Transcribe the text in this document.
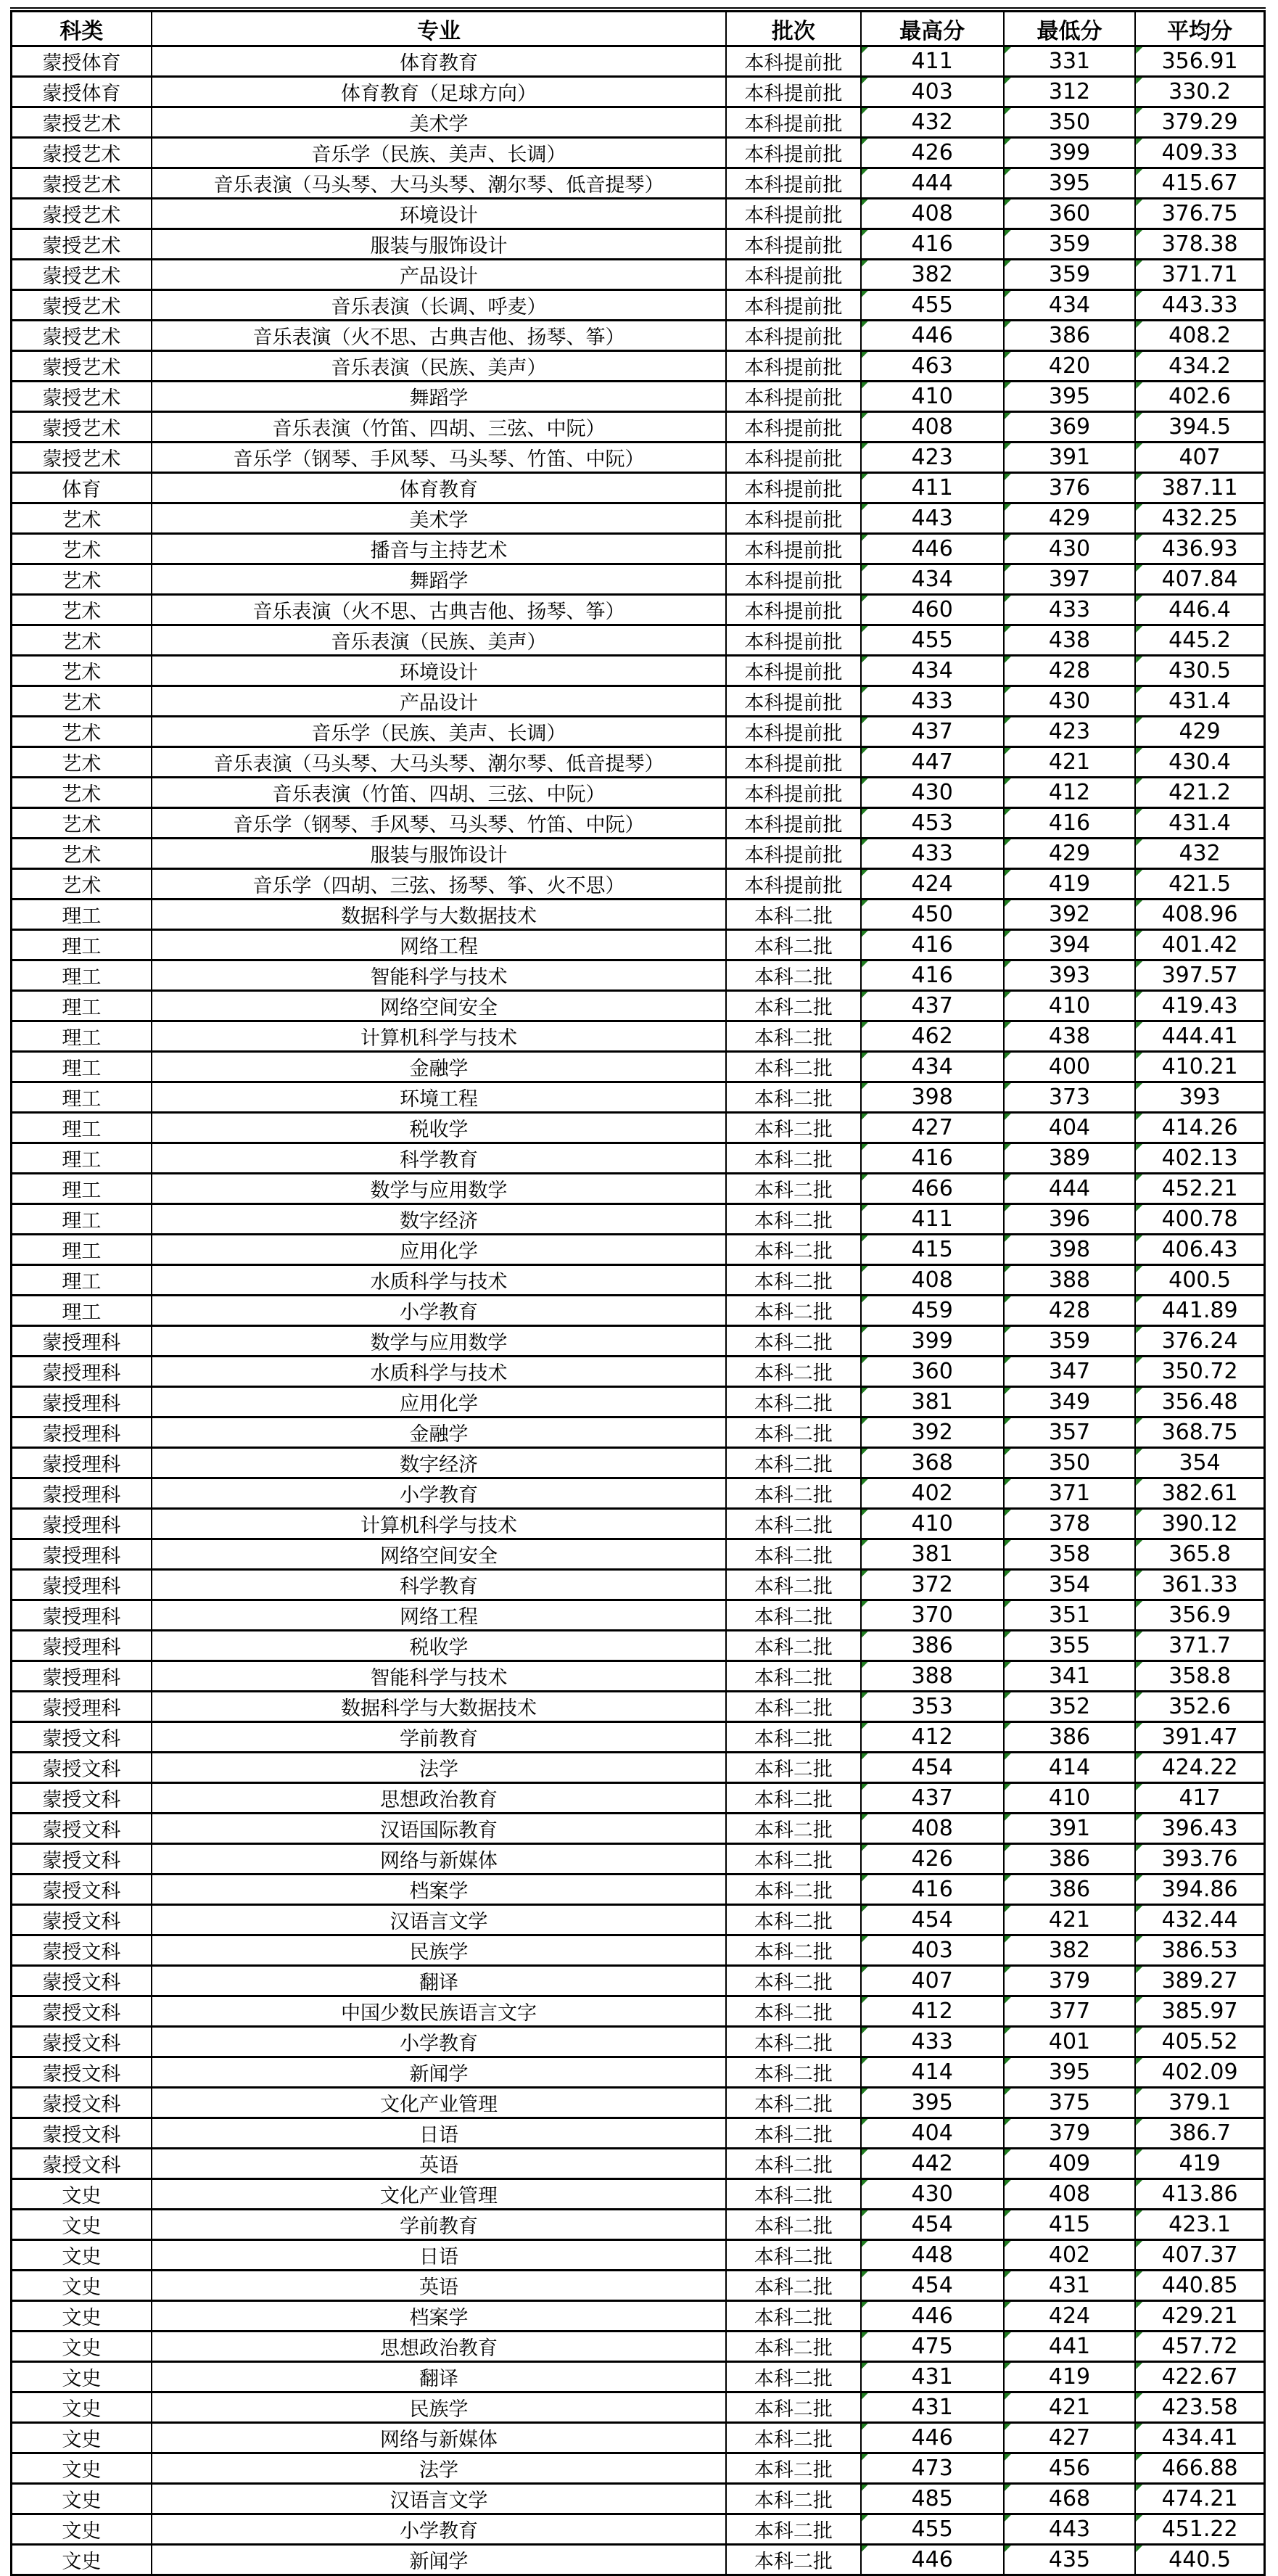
科类	专业	批次	最高分	最低分	平均分
蒙授体育	体育教育	本科提前批	411	331	356.91
蒙授体育	体育教育（足球方向）	本科提前批	403	312	330.2
蒙授艺术	美术学	本科提前批	432	350	379.29
蒙授艺术	音乐学（民族、美声、长调）	本科提前批	426	399	409.33
蒙授艺术	音乐表演（马头琴、大马头琴、潮尔琴、低音提琴）	本科提前批	444	395	415.67
蒙授艺术	环境设计	本科提前批	408	360	376.75
蒙授艺术	服装与服饰设计	本科提前批	416	359	378.38
蒙授艺术	产品设计	本科提前批	382	359	371.71
蒙授艺术	音乐表演（长调、呼麦）	本科提前批	455	434	443.33
蒙授艺术	音乐表演（火不思、古典吉他、扬琴、筝）	本科提前批	446	386	408.2
蒙授艺术	音乐表演（民族、美声）	本科提前批	463	420	434.2
蒙授艺术	舞蹈学	本科提前批	410	395	402.6
蒙授艺术	音乐表演（竹笛、四胡、三弦、中阮）	本科提前批	408	369	394.5
蒙授艺术	音乐学（钢琴、手风琴、马头琴、竹笛、中阮）	本科提前批	423	391	407
体育	体育教育	本科提前批	411	376	387.11
艺术	美术学	本科提前批	443	429	432.25
艺术	播音与主持艺术	本科提前批	446	430	436.93
艺术	舞蹈学	本科提前批	434	397	407.84
艺术	音乐表演（火不思、古典吉他、扬琴、筝）	本科提前批	460	433	446.4
艺术	音乐表演（民族、美声）	本科提前批	455	438	445.2
艺术	环境设计	本科提前批	434	428	430.5
艺术	产品设计	本科提前批	433	430	431.4
艺术	音乐学（民族、美声、长调）	本科提前批	437	423	429
艺术	音乐表演（马头琴、大马头琴、潮尔琴、低音提琴）	本科提前批	447	421	430.4
艺术	音乐表演（竹笛、四胡、三弦、中阮）	本科提前批	430	412	421.2
艺术	音乐学（钢琴、手风琴、马头琴、竹笛、中阮）	本科提前批	453	416	431.4
艺术	服装与服饰设计	本科提前批	433	429	432
艺术	音乐学（四胡、三弦、扬琴、筝、火不思）	本科提前批	424	419	421.5
理工	数据科学与大数据技术	本科二批	450	392	408.96
理工	网络工程	本科二批	416	394	401.42
理工	智能科学与技术	本科二批	416	393	397.57
理工	网络空间安全	本科二批	437	410	419.43
理工	计算机科学与技术	本科二批	462	438	444.41
理工	金融学	本科二批	434	400	410.21
理工	环境工程	本科二批	398	373	393
理工	税收学	本科二批	427	404	414.26
理工	科学教育	本科二批	416	389	402.13
理工	数学与应用数学	本科二批	466	444	452.21
理工	数字经济	本科二批	411	396	400.78
理工	应用化学	本科二批	415	398	406.43
理工	水质科学与技术	本科二批	408	388	400.5
理工	小学教育	本科二批	459	428	441.89
蒙授理科	数学与应用数学	本科二批	399	359	376.24
蒙授理科	水质科学与技术	本科二批	360	347	350.72
蒙授理科	应用化学	本科二批	381	349	356.48
蒙授理科	金融学	本科二批	392	357	368.75
蒙授理科	数字经济	本科二批	368	350	354
蒙授理科	小学教育	本科二批	402	371	382.61
蒙授理科	计算机科学与技术	本科二批	410	378	390.12
蒙授理科	网络空间安全	本科二批	381	358	365.8
蒙授理科	科学教育	本科二批	372	354	361.33
蒙授理科	网络工程	本科二批	370	351	356.9
蒙授理科	税收学	本科二批	386	355	371.7
蒙授理科	智能科学与技术	本科二批	388	341	358.8
蒙授理科	数据科学与大数据技术	本科二批	353	352	352.6
蒙授文科	学前教育	本科二批	412	386	391.47
蒙授文科	法学	本科二批	454	414	424.22
蒙授文科	思想政治教育	本科二批	437	410	417
蒙授文科	汉语国际教育	本科二批	408	391	396.43
蒙授文科	网络与新媒体	本科二批	426	386	393.76
蒙授文科	档案学	本科二批	416	386	394.86
蒙授文科	汉语言文学	本科二批	454	421	432.44
蒙授文科	民族学	本科二批	403	382	386.53
蒙授文科	翻译	本科二批	407	379	389.27
蒙授文科	中国少数民族语言文字	本科二批	412	377	385.97
蒙授文科	小学教育	本科二批	433	401	405.52
蒙授文科	新闻学	本科二批	414	395	402.09
蒙授文科	文化产业管理	本科二批	395	375	379.1
蒙授文科	日语	本科二批	404	379	386.7
蒙授文科	英语	本科二批	442	409	419
文史	文化产业管理	本科二批	430	408	413.86
文史	学前教育	本科二批	454	415	423.1
文史	日语	本科二批	448	402	407.37
文史	英语	本科二批	454	431	440.85
文史	档案学	本科二批	446	424	429.21
文史	思想政治教育	本科二批	475	441	457.72
文史	翻译	本科二批	431	419	422.67
文史	民族学	本科二批	431	421	423.58
文史	网络与新媒体	本科二批	446	427	434.41
文史	法学	本科二批	473	456	466.88
文史	汉语言文学	本科二批	485	468	474.21
文史	小学教育	本科二批	455	443	451.22
文史	新闻学	本科二批	446	435	440.5
